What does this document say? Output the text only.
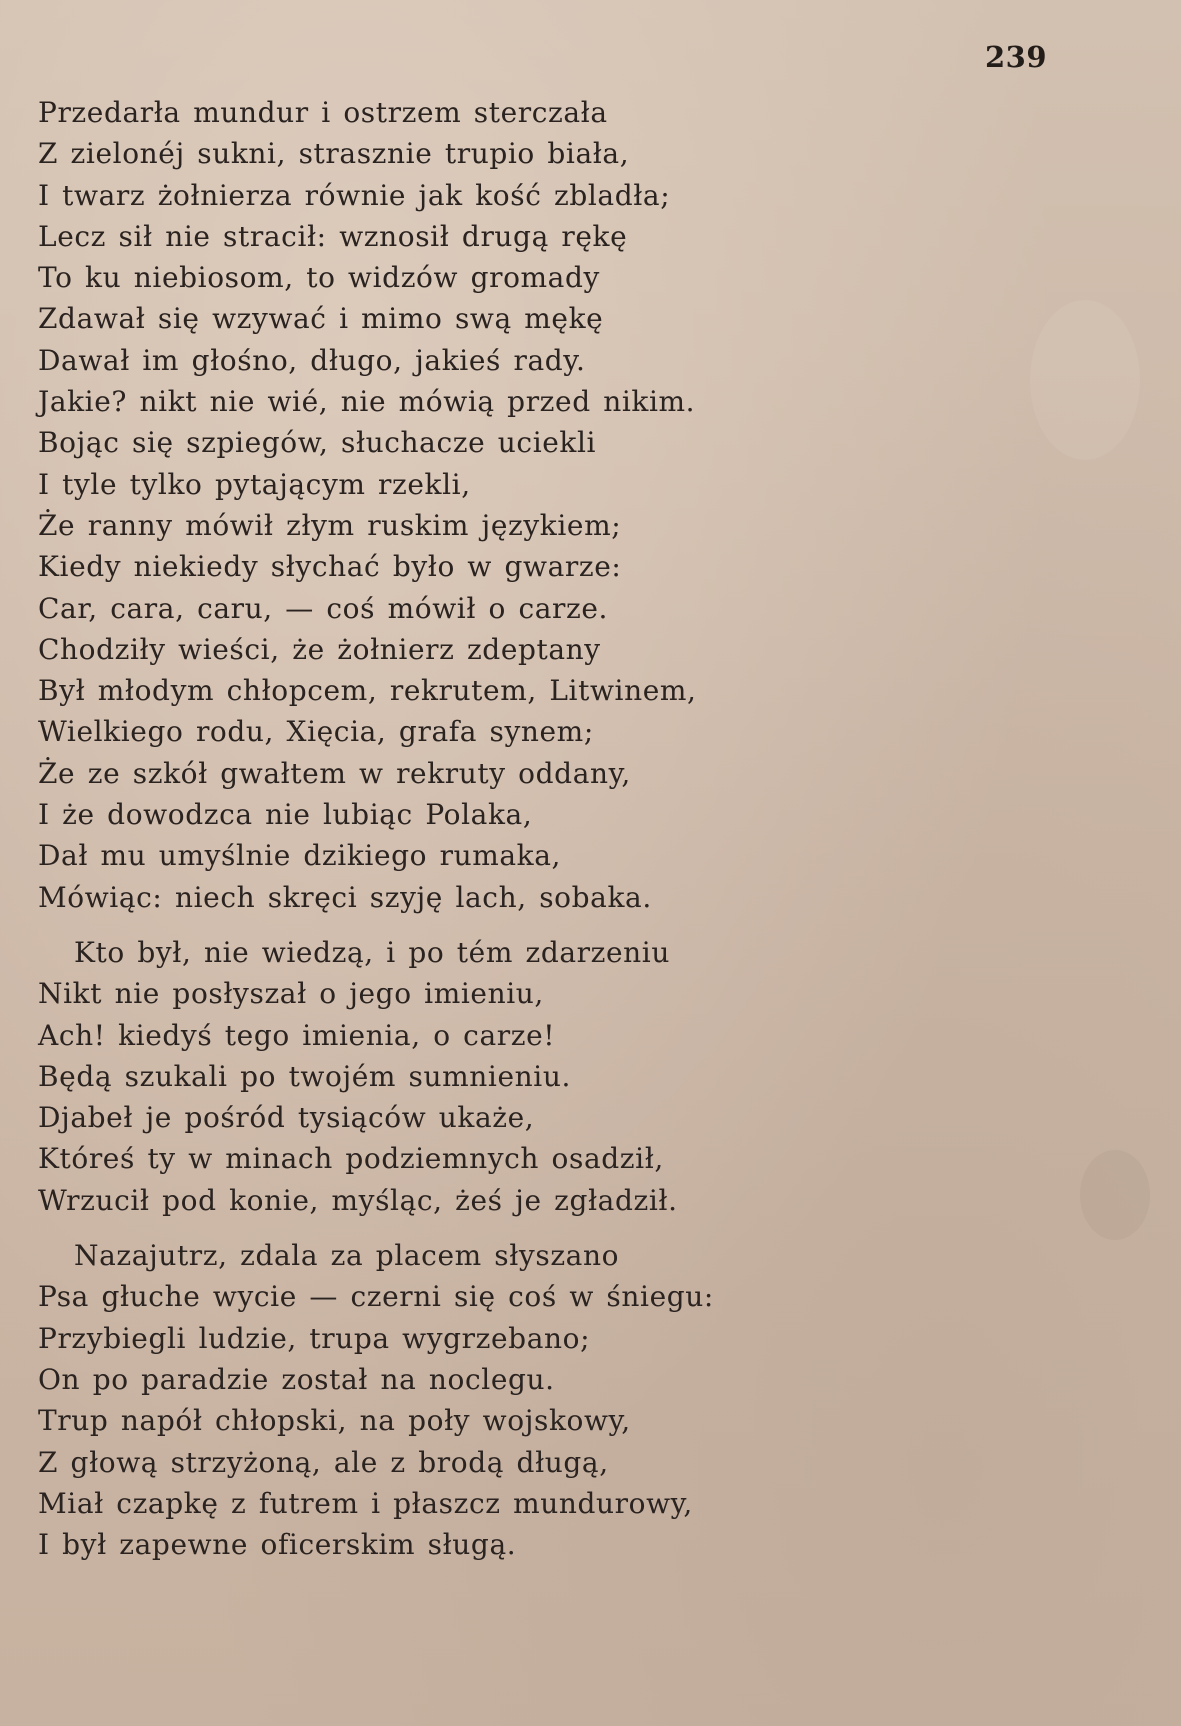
239
Przedarła mundur i ostrzem sterczała
Z zielonéj sukni, strasznie trupio biała,
I twarz żołnierza równie jak kość zbladła;
Lecz sił nie stracił: wznosił drugą rękę
To ku niebiosom, to widzów gromady
Zdawał się wzywać i mimo swą mękę
Dawał im głośno, długo, jakieś rady.
Jakie? nikt nie wié, nie mówią przed nikim.
Bojąc się szpiegów, słuchacze uciekli
I tyle tylko pytającym rzekli,
Że ranny mówił złym ruskim językiem;
Kiedy niekiedy słychać było w gwarze:
Car, cara, caru, — coś mówił o carze.
Chodziły wieści, że żołnierz zdeptany
Był młodym chłopcem, rekrutem, Litwinem,
Wielkiego rodu, Xięcia, grafa synem;
Że ze szkół gwałtem w rekruty oddany,
I że dowodzca nie lubiąc Polaka,
Dał mu umyślnie dzikiego rumaka,
Mówiąc: niech skręci szyję lach, sobaka.
Kto był, nie wiedzą, i po tém zdarzeniu
Nikt nie posłyszał o jego imieniu,
Ach! kiedyś tego imienia, o carze!
Będą szukali po twojém sumnieniu.
Djabeł je pośród tysiąców ukaże,
Któreś ty w minach podziemnych osadził,
Wrzucił pod konie, myśląc, żeś je zgładził.
Nazajutrz, zdala za placem słyszano
Psa głuche wycie — czerni się coś w śniegu:
Przybiegli ludzie, trupa wygrzebano;
On po paradzie został na noclegu.
Trup napół chłopski, na poły wojskowy,
Z głową strzyżoną, ale z brodą długą,
Miał czapkę z futrem i płaszcz mundurowy,
I był zapewne oficerskim sługą.
